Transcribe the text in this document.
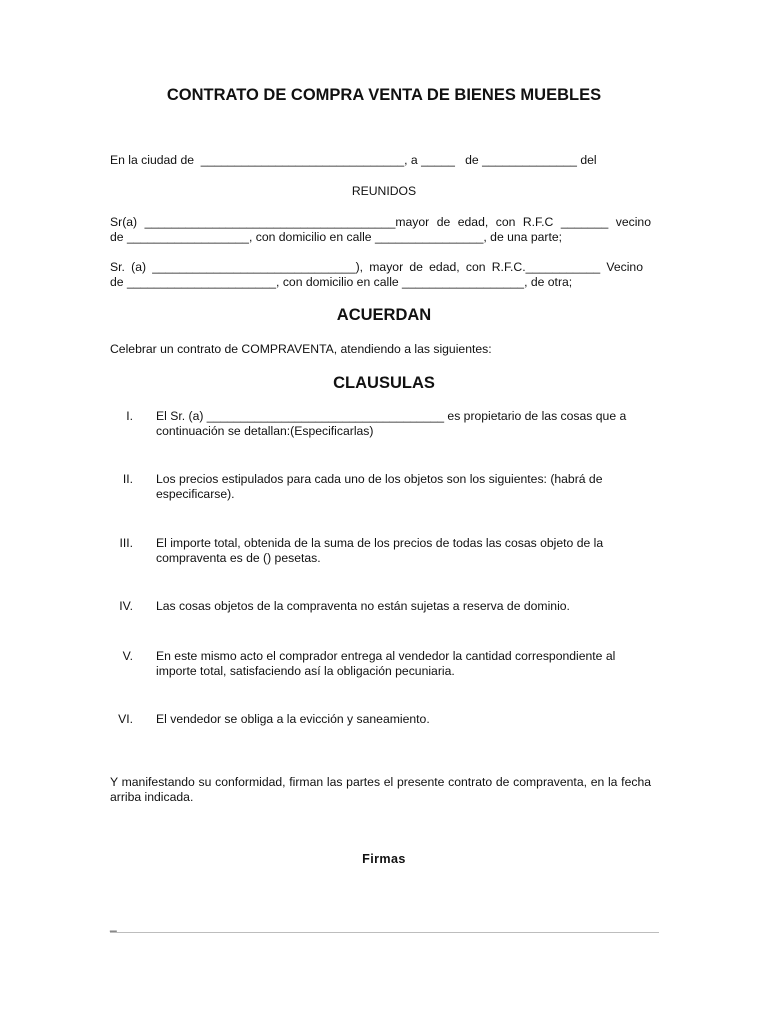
CONTRATO DE COMPRA VENTA DE BIENES MUEBLES
En la ciudad de  ______________________________, a _____   de ______________ del
REUNIDOS
Sr(a) _____________________________________mayor de edad, con R.F.C _______ vecino
de __________________, con domicilio en calle ________________, de una parte;
Sr. (a) ______________________________), mayor de edad, con R.F.C.___________ Vecino
de ______________________, con domicilio en calle __________________, de otra;
ACUERDAN
Celebrar un contrato de COMPRAVENTA, atendiendo a las siguientes:
CLAUSULAS
I. El Sr. (a) ___________________________________ es propietario de las cosas que a continuación se detallan:(Especificarlas)
II. Los precios estipulados para cada uno de los objetos son los siguientes: (habrá de especificarse).
III. El importe total, obtenida de la suma de los precios de todas las cosas objeto de la compraventa es de () pesetas.
IV. Las cosas objetos de la compraventa no están sujetas a reserva de dominio.
V. En este mismo acto el comprador entrega al vendedor la cantidad correspondiente al importe total, satisfaciendo así la obligación pecuniaria.
VI. El vendedor se obliga a la evicción y saneamiento.
Y manifestando su conformidad, firman las partes el presente contrato de compraventa, en la fecha arriba indicada.
Firmas
_
